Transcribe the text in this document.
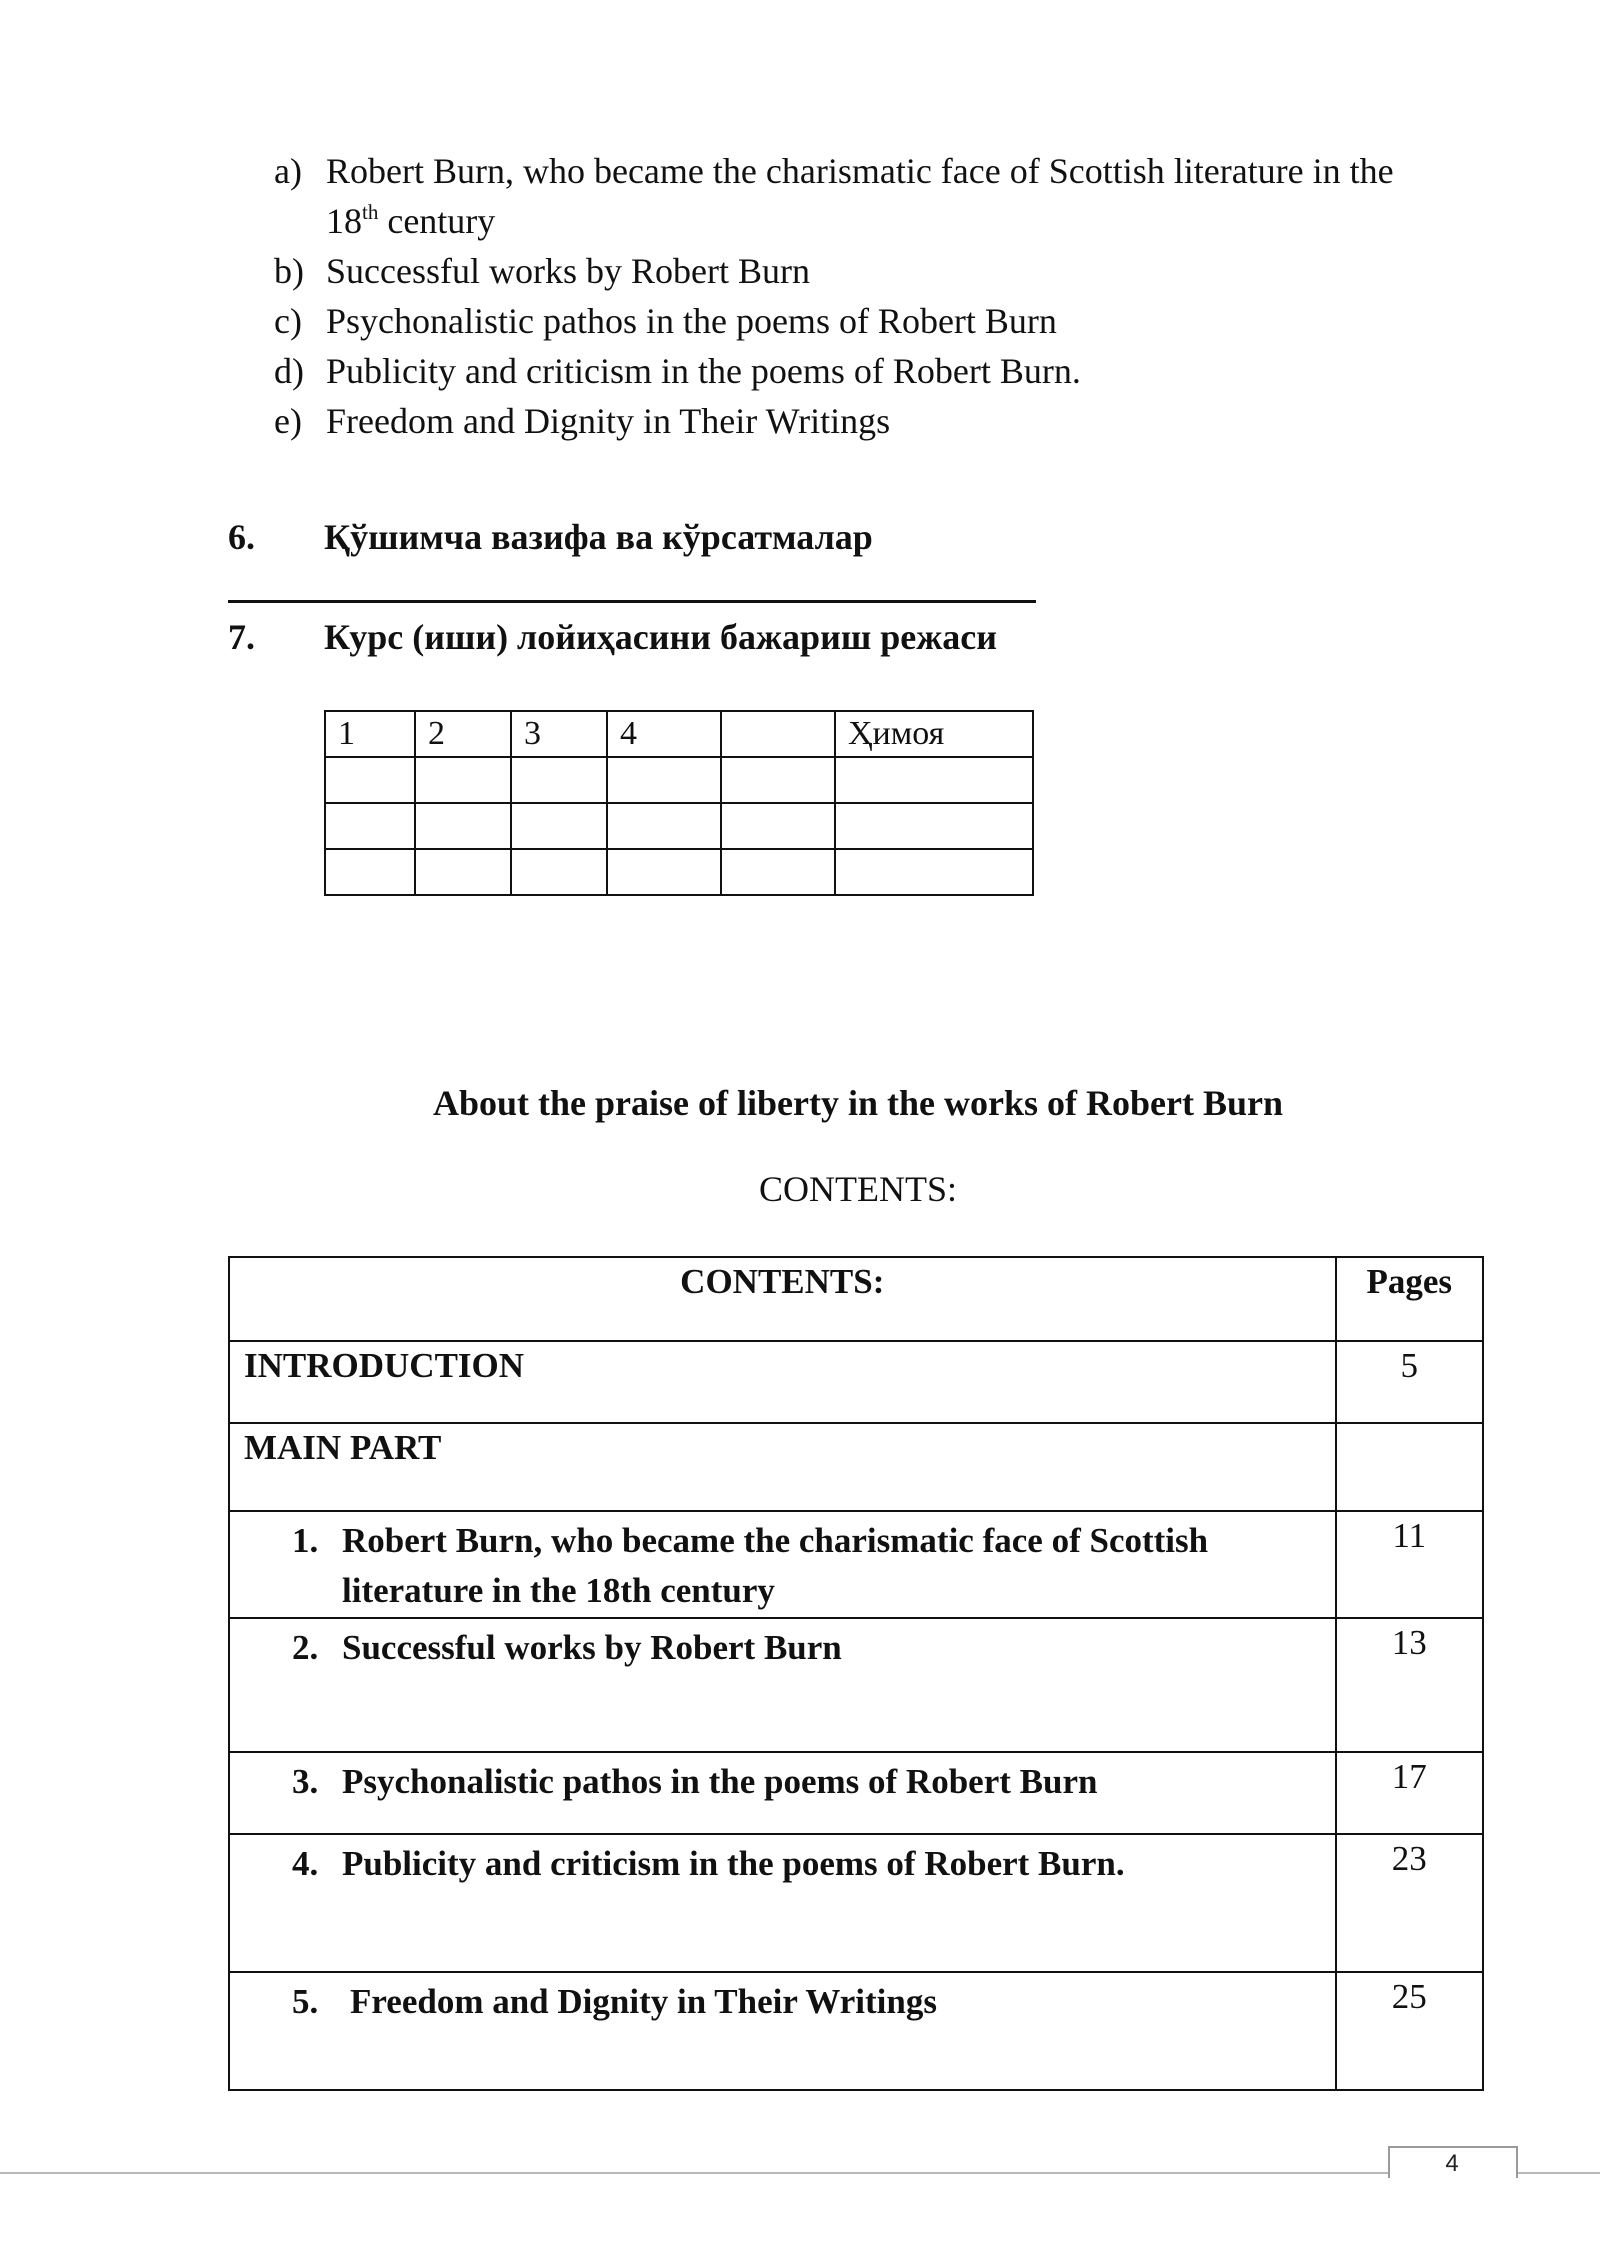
a) Robert Burn, who became the charismatic face of Scottish literature in the
18th century
b) Successful works by Robert Burn
c) Psychonalistic pathos in the poems of Robert Burn
d) Publicity and criticism in the poems of Robert Burn.
e) Freedom and Dignity in Their Writings
6. Қўшимча вазифа ва кўрсатмалар
7. Курс (иши) лойиҳасини бажариш режаси
1	2	3	4		Ҳимоя

About the praise of liberty in the works of Robert Burn
CONTENTS:
CONTENTS:	Pages
INTRODUCTION	5
MAIN PART	

1. Robert Burn, who became the charismatic face of Scottish literature in the 18th century	11

2. Successful works by Robert Burn	13

3. Psychonalistic pathos in the poems of Robert Burn	17

4. Publicity and criticism in the poems of Robert Burn.	23

5. Freedom and Dignity in Their Writings	25
4
